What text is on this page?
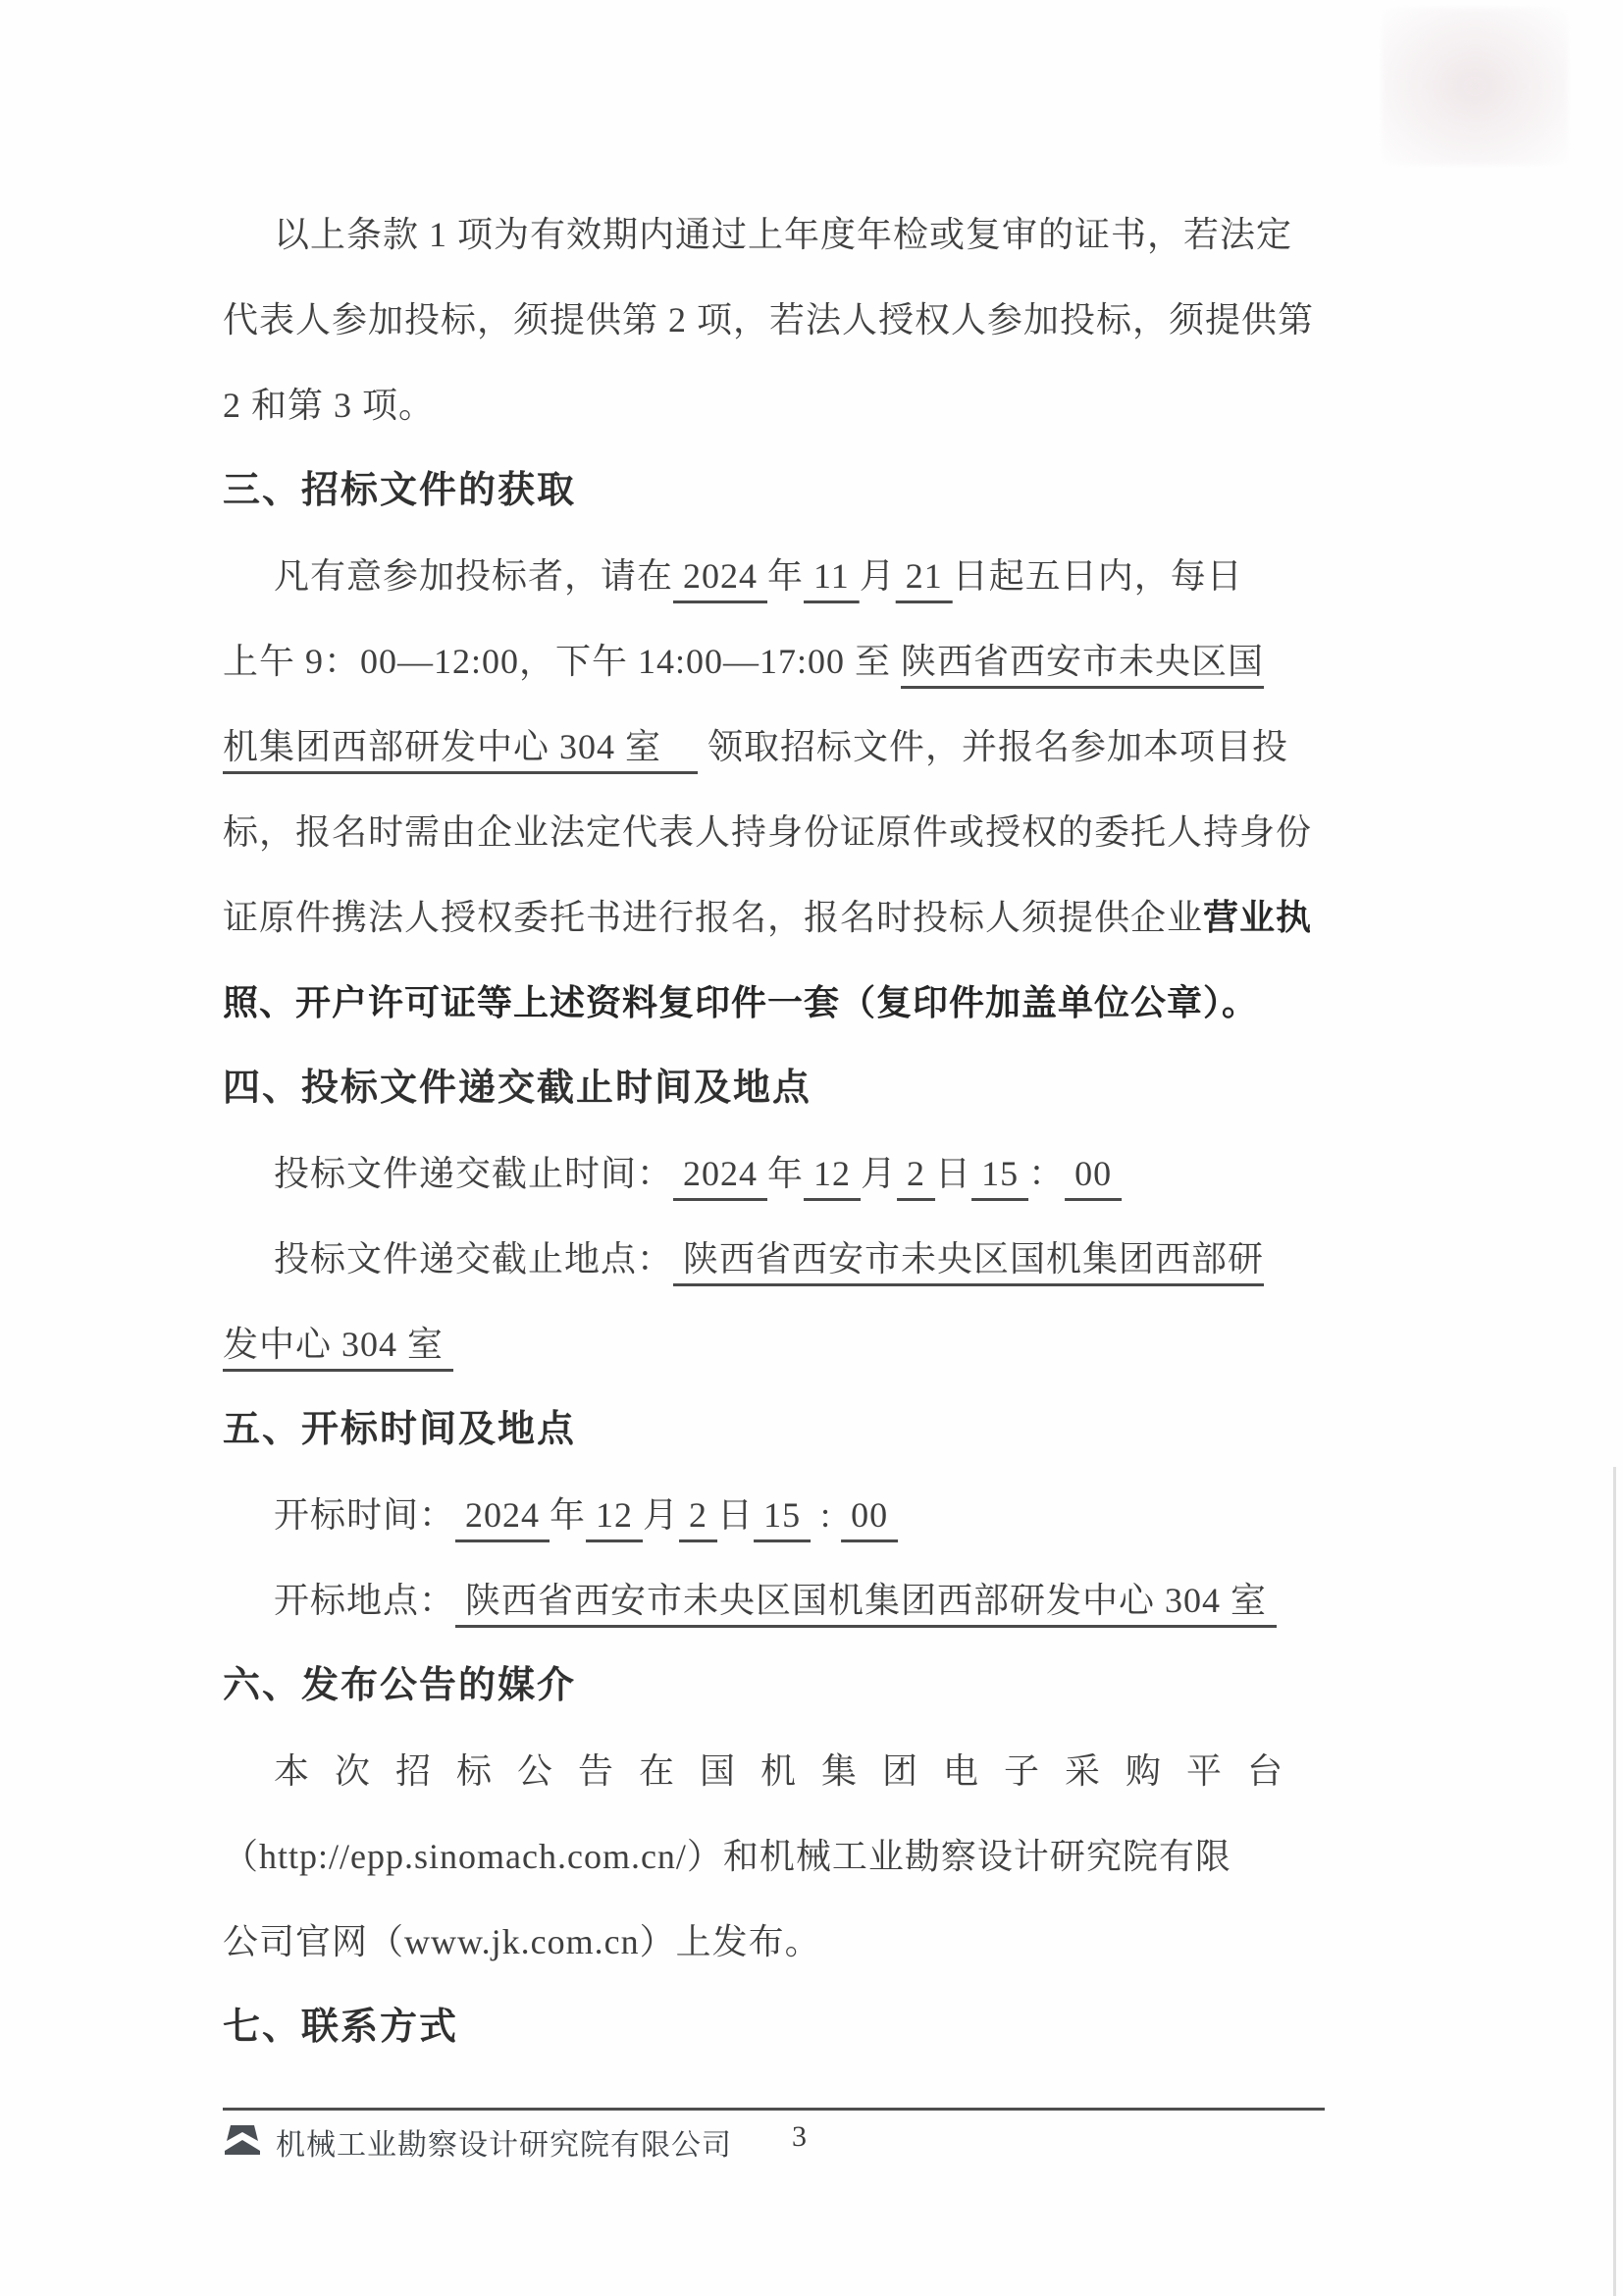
以上条款 1 项为有效期内通过上年度年检或复审的证书，若法定
代表人参加投标，须提供第 2 项，若法人授权人参加投标，须提供第
2 和第 3 项。
三、招标文件的获取
凡有意参加投标者，请在 2024 年 11 月 21 日起五日内，每日
上午 9：00—12:00，下午 14:00—17:00 至 陕西省西安市未央区国
机集团西部研发中心 304 室　 领取招标文件，并报名参加本项目投
标，报名时需由企业法定代表人持身份证原件或授权的委托人持身份
证原件携法人授权委托书进行报名，报名时投标人须提供企业营业执
照、开户许可证等上述资料复印件一套（复印件加盖单位公章）。
四、投标文件递交截止时间及地点
投标文件递交截止时间： 2024 年 12 月 2 日 15 ： 00
投标文件递交截止地点： 陕西省西安市未央区国机集团西部研
发中心 304 室
五、开标时间及地点
开标时间： 2024 年 12 月 2 日 15  :  00
开标地点： 陕西省西安市未央区国机集团西部研发中心 304 室
六、发布公告的媒介
本次招标公告在国机集团电子采购平台
（http://epp.sinomach.com.cn/）和机械工业勘察设计研究院有限
公司官网（www.jk.com.cn）上发布。
七、联系方式
机械工业勘察设计研究院有限公司 3
